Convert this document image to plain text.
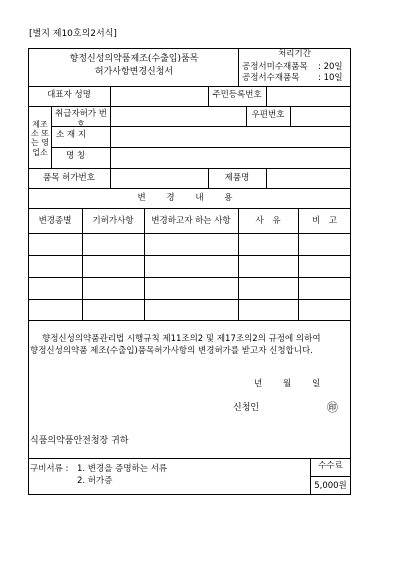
[별지 제10호의2서식]
향정신성의약품제조(수출입)품목
허가사항변경신청서
처리기간
공정서미수재품목 : 20일
공정서수재품목 : 10일
대표자 성명	주민등록번호
제조소 또는 영업소
취급자허가 번호
우편번호
소 재 지
명 칭
품목 허가번호	제품명
변 경 내 용
변경종별	기허가사항	변경하고자 하는 사항	사 유	비 고
향정신성의약품관리법 시행규칙 제11조의2 및 제17조의2의 규정에 의하여 향정신성의약품 제조(수출입)품목허가사항의 변경허가를 받고자 신청합니다.
년 월 일
신청인	㊞
식품의약품안전청장 귀하
구비서류 : 1. 변경을 증명하는 서류
2. 허가증
수수료
5,000원
